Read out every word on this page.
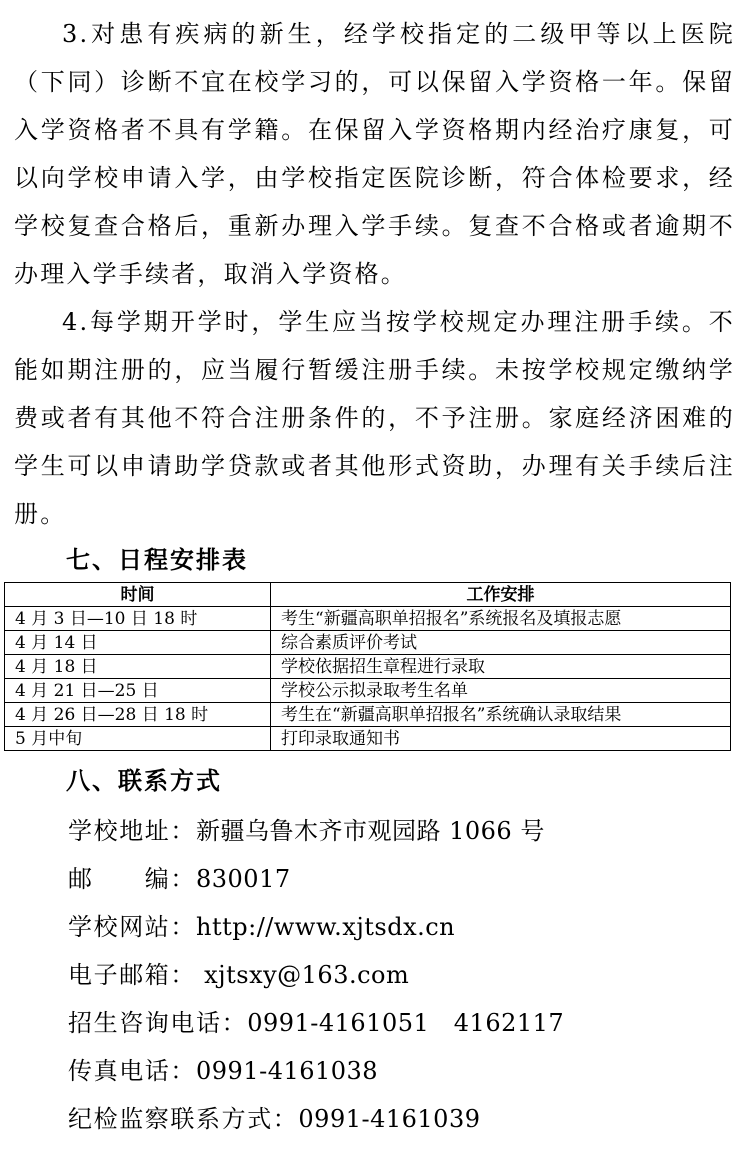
3.对患有疾病的新生，经学校指定的二级甲等以上医院（下同）诊断不宜在校学习的，可以保留入学资格一年。保留入学资格者不具有学籍。在保留入学资格期内经治疗康复，可以向学校申请入学，由学校指定医院诊断，符合体检要求，经学校复查合格后，重新办理入学手续。复查不合格或者逾期不办理入学手续者，取消入学资格。

4.每学期开学时，学生应当按学校规定办理注册手续。不能如期注册的，应当履行暂缓注册手续。未按学校规定缴纳学费或者有其他不符合注册条件的，不予注册。家庭经济困难的学生可以申请助学贷款或者其他形式资助，办理有关手续后注册。

七、日程安排表
时间	工作安排
4 月 3 日—10 日 18 时	考生“新疆高职单招报名”系统报名及填报志愿
4 月 14 日	综合素质评价考试
4 月 18 日	学校依据招生章程进行录取
4 月 21 日—25 日	学校公示拟录取考生名单
4 月 26 日—28 日 18 时	考生在“新疆高职单招报名”系统确认录取结果
5 月中旬	打印录取通知书
八、联系方式
学校地址：新疆乌鲁木齐市观园路 1066 号
邮　　编：830017
学校网站：http://www.xjtsdx.cn
电子邮箱： xjtsxy@163.com
招生咨询电话：0991-4161051　4162117
传真电话：0991-4161038
纪检监察联系方式：0991-4161039
